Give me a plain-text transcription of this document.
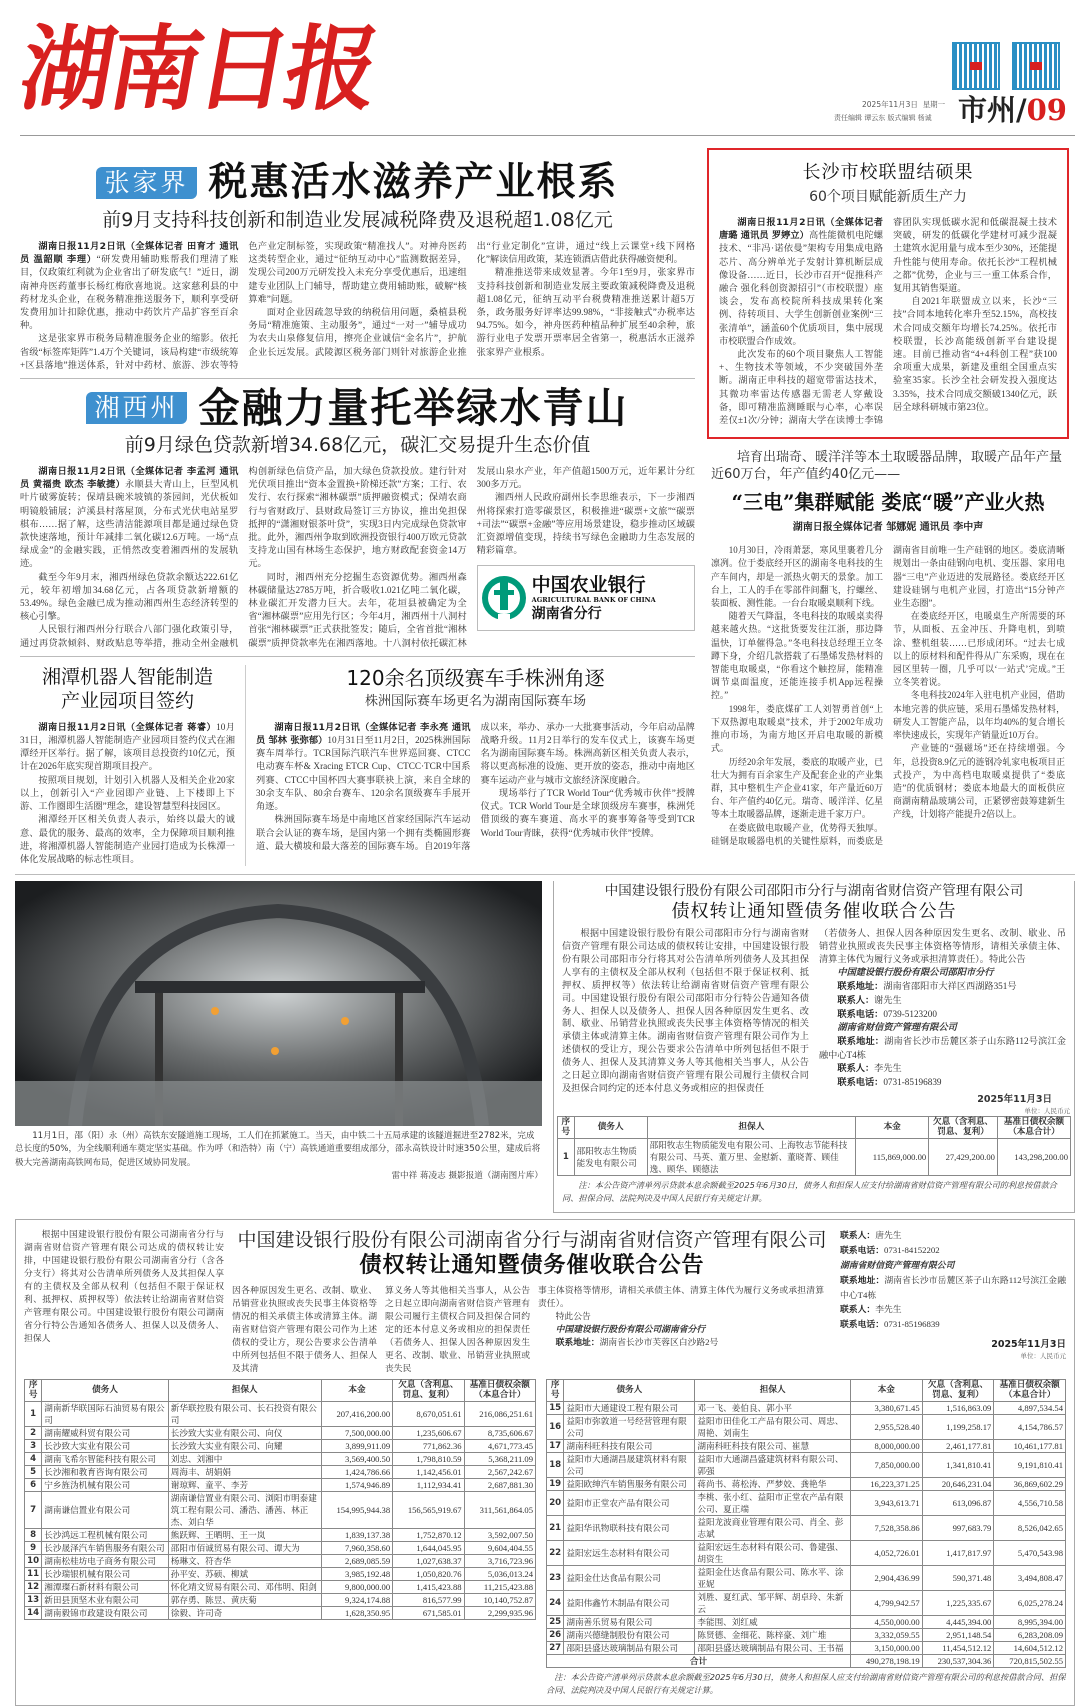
湖南日报	2025年11月3日 星期一
责任编辑 谭云东 版式编辑 杨诚 市州/09
张家界 税惠活水滋养产业根系
前9月支持科技创新和制造业发展减税降费及退税超1.08亿元

湖南日报11月2日讯（全媒体记者 田育才 通讯员 温韶顺 李理）“研发费用辅助账帮我们理清了账目，仅政策红利就为企业省出了研发底气！”近日，湖南神舟医药董事长杨红梅欣喜地说。这家慈利县的中药材龙头企业，在税务精准推送服务下，顺利享受研发费用加计扣除优惠，推动中药饮片产品扩容至百余种。

这是张家界市税务局精准服务企业的缩影。依托省级“标签库矩阵”1.4万个关键词，该局构建“市级统筹+区县落地”推送体系，针对中药材、旅游、涉农等特色产业定制标签，实现政策“精准找人”。对神舟医药这类转型企业，通过“征纳互动中心”监测数据差异，发现公司200万元研发投入未充分享受优惠后，迅速组建专业团队上门辅导，帮助建立费用辅助账，破解“核算难”问题。

面对企业因疏忽导致的纳税信用问题，桑植县税务局“精准施策、主动服务”，通过“一对一”辅导成功为农夫山泉修复信用，擦亮企业诚信“金名片”，护航企业长远发展。武陵源区税务部门则针对旅游企业推出“行业定制化”宣讲，通过“线上云课堂+线下网格化”解读信用政策，某连锁酒店借此获得融资便利。

精准推送带来成效显著。今年1至9月，张家界市支持科技创新和制造业发展主要政策减税降费及退税超1.08亿元，征纳互动平台税费精准推送累计超5万条，政务服务好评率达99.98%，“非接触式”办税率达94.75%。如今，神舟医药种植品种扩展至40余种，旅游行业电子发票开票率居全省第一，税惠活水正滋养张家界产业根系。

湘西州 金融力量托举绿水青山
前9月绿色贷款新增34.68亿元，碳汇交易提升生态价值

湖南日报11月2日讯（全媒体记者 李孟河 通讯员 黄福贵 欧杰 李敏捷）永顺县大青山上，巨型风机叶片破雾旋转；保靖县碗米坡镇的茶园间，光伏板如明镜般铺展；泸溪县村落屋顶，分布式光伏电站星罗棋布……据了解，这些清洁能源项目都是通过绿色贷款快速落地，预计年减排二氧化碳12.6万吨。一场“点绿成金”的金融实践，正悄然改变着湘西州的发展轨迹。

截至今年9月末，湘西州绿色贷款余额达222.61亿元，较年初增加34.68亿元，占各项贷款新增额的53.49%。绿色金融已成为推动湘西州生态经济转型的核心引擎。

人民银行湘西州分行联合八部门强化政策引导，通过再贷款倾斜、财政贴息等举措，推动全州金融机构创新绿色信贷产品，加大绿色贷款投放。建行针对光伏项目推出“资本金置换+阶梯还款”方案；工行、农发行、农行探索“湘林碳票”质押融资模式；保靖农商行与省财政厅、县财政局签订三方协议，推出免担保抵押的“潇湘财银茶叶贷”，实现3日内完成绿色贷款审批。此外，湘西州争取到欧洲投资银行400万欧元贷款支持龙山国有林场生态保护，地方财政配套资金14万元。

同时，湘西州充分挖掘生态资源优势。湘西州森林碳储量达2785万吨，折合吸收1.021亿吨二氧化碳，林业碳汇开发潜力巨大。去年，花垣县被确定为全省“湘林碳票”应用先行区；今年4月，湘西州十八洞村首张“湘林碳票”正式获批签发；随后，全省首批“湘林碳票”质押贷款率先在湘西落地。十八洞村依托碳汇林发展山泉水产业，年产值超1500万元，近年累计分红300多万元。

湘西州人民政府副州长李思维表示，下一步湘西州将探索打造零碳景区，积极推进“碳票+文旅”“碳票+司法”“碳票+金融”等应用场景建设，稳步推动区域碳汇资源增值变现，持续书写绿色金融助力生态发展的精彩篇章。

中国农业银行
AGRICULTURAL BANK OF CHINA
湖南省分行
湘潭机器人智能制造
产业园项目签约

湖南日报11月2日讯（全媒体记者 蒋睿）10月31日，湘潭机器人智能制造产业园项目签约仪式在湘潭经开区举行。据了解，该项目总投资约10亿元，预计在2026年底实现首期项目投产。

按照项目规划，计划引入机器人及相关企业20家以上，创新引入“产业园即产业链、上下楼即上下游、工作圈即生活圈”理念，建设智慧型科技园区。

湘潭经开区相关负责人表示，始终以最大的诚意、最优的服务、最高的效率，全力保障项目顺利推进，将湘潭机器人智能制造产业园打造成为长株潭一体化发展战略的标志性项目。

120余名顶级赛车手株洲角逐
株洲国际赛车场更名为湖南国际赛车场

湖南日报11月2日讯（全媒体记者 李永亮 通讯员 邹林 张弥郁）10月31日至11月2日，2025株洲国际赛车周举行。TCR国际汽联汽车世界巡回赛、CTCC电动赛车杯& Xracing ETCR Cup、CTCC·TCR中国系列赛、CTCC中国杯四大赛事联袂上演，来自全球的30余支车队、80余台赛车、120余名顶级赛车手展开角逐。

株洲国际赛车场是中南地区首家经国际汽车运动联合会认证的赛车场，是国内第一个拥有类椭圆形赛道、最大横坡和最大落差的国际赛车场。自2019年落成以来，举办、承办一大批赛事活动，今年启动品牌战略升级。11月2日举行的发车仪式上，该赛车场更名为湖南国际赛车场。株洲高新区相关负责人表示，将以更高标准的设施、更开放的姿态，推动中南地区赛车运动产业与城市文旅经济深度融合。

现场举行了TCR World Tour“优秀城市伙伴”授牌仪式。TCR World Tour是全球顶级房车赛事，株洲凭借顶级的赛车赛道、高水平的赛事筹备等受到TCR World Tour青睐，获得“优秀城市伙伴”授牌。

长沙市校联盟结硕果
60个项目赋能新质生产力

湖南日报11月2日讯（全媒体记者 唐璐 通讯员 罗婷立）高性能微机电陀螺技术、“非冯·诺依曼”架构专用集成电路芯片、高分辨单光子发射计算机断层成像设备……近日，长沙市召开“促推科产融合 强化科创资源招引”（市校联盟）座谈会，发布高校院所科技成果转化案例、待转项目、大学生创新创业案例“三张清单”，涵盖60个优质项目，集中展现市校联盟合作成效。

此次发布的60个项目聚焦人工智能+、生物技术等领域，不少突破国外垄断。湖南正申科技的超宽带雷达技术，其微功率雷达传感器无需老人穿戴设备，即可精准监测睡眠与心率，心率误差仅±1次/分钟；湖南大学在读博士李锦睿团队实现低碳水泥和低碳混凝土技术突破，研发的低碳化学建材可减少混凝土建筑水泥用量与成本至少30%，还能提升性能与使用寿命。依托长沙“工程机械之都”优势，企业与三一重工体系合作，复用其销售渠道。

自2021年联盟成立以来，长沙“三技”合同本地转化率升至52.15%，高校技术合同成交额年均增长74.25%。依托市校联盟，长沙高能级创新平台建设提速。目前已推动省“4+4科创工程”获100余项重大成果，新建及重组全国重点实验室35家。长沙全社会研发投入强度达3.35%，技术合同成交额破1340亿元，跃居全球科研城市第23位。

培育出瑞奇、暖洋洋等本土取暖器品牌，取暖产品年产量近60万台，年产值约40亿元——
“三电”集群赋能 娄底“暖”产业火热
湖南日报全媒体记者 邹娜妮 通讯员 李中声

10月30日，冷雨萧瑟，寒风里裹着几分凛冽。位于娄底经开区的湖南冬电科技的生产车间内，却是一派热火朝天的景象。加工台上，工人的手在零部件间翻飞，拧螺丝、装面板、测性能。一台台取暖桌顺利下线。

随着天气降温，冬电科技的取暖桌卖得越来越火热。“这批货要发往江浙，那边降温快，订单催得急。”冬电科技总经理王立冬蹲下身，介绍几款搭载了石墨烯发热材料的智能电取暖桌，“你看这个触控屏，能精准调节桌面温度，还能连接手机App远程操控。”

1998年，娄底煤矿工人刘智勇首创“上下双热源电取暖桌”技术，并于2002年成功推向市场，为南方地区开启电取暖的新模式。

历经20余年发展，娄底的取暖产业，已壮大为拥有百余家生产及配套企业的产业集群，其中整机生产企业41家，年产量近60万台、年产值约40亿元。瑞奇、暖洋洋、亿星等本土取暖器品牌，逐渐走进千家万户。

在娄底做电取暖产业，优势得天独厚。硅钢是取暖器电机的关键性原料，而娄底是湖南省目前唯一生产硅钢的地区。娄底清晰规划出一条由硅钢向电机、变压器、家用电器“三电”产业迈进的发展路径。娄底经开区建设硅钢与电机产业园，打造出“15分钟产业生态圈”。

在娄底经开区，电暖桌生产所需要的环节，从面板、五金冲压、升降电机，到喷涂、整机组装……已形成闭环。“过去七成以上的原材料和配件得从广东采购，现在在园区里转一圈，几乎可以‘一站式’完成。”王立冬笑着说。

冬电科技2024年入驻电机产业园，借助本地完善的供应链，采用石墨烯发热材料，研发人工智能产品，以年均40%的复合增长率快速成长，实现年产销量近10万台。

产业链的“强磁场”还在持续增强。今年，总投资8.9亿元的涟钢冷轧家电板项目正式投产，为中高档电取暖桌提供了“娄底造”的优质钢材；娄底本地最大的面板供应商湖南精晶玻璃公司，正紧锣密鼓筹建新生产线，计划将产能提升2倍以上。

11月1日，邵（阳）永（州）高铁东安隧道施工现场，工人们在抓紧施工。当天，由中铁二十五局承建的该隧道掘进至2782米，完成总长度的50%，为全线顺利通车奠定坚实基础。作为呼（和浩特）南（宁）高铁通道重要组成部分，邵永高铁设计时速350公里，建成后将极大完善湖南高铁网布局，促进区域协同发展。
雷中祥 蒋凌志 摄影报道（湖南图片库）
中国建设银行股份有限公司邵阳市分行与湖南省财信资产管理有限公司
债权转让通知暨债务催收联合公告
根据中国建设银行股份有限公司邵阳市分行与湖南省财信资产管理有限公司达成的债权转让安排，中国建设银行股份有限公司邵阳市分行将其对公告清单所列债务人及其担保人享有的主债权及全部从权利（包括但不限于保证权利、抵押权、质押权等）依法转让给湖南省财信资产管理有限公司。中国建设银行股份有限公司邵阳市分行特公告通知各债务人、担保人以及债务人、担保人因各种原因发生更名、改制、歇业、吊销营业执照或丧失民事主体资格等情况的相关承债主体或清算主体。湖南省财信资产管理有限公司作为上述债权的受让方，现公告要求公告清单中所列包括但不限于债务人、担保人及其清算义务人等其他相关当事人，从公告之日起立即向湖南省财信资产管理有限公司履行主债权合同及担保合同约定的还本付息义务或相应的担保责任
（若债务人、担保人因各种原因发生更名、改制、歇业、吊销营业执照或丧失民事主体资格等情形，请相关承债主体、清算主体代为履行义务或承担清算责任）。特此公告
中国建设银行股份有限公司邵阳市分行
联系地址：湖南省邵阳市大祥区西湖路351号
联系人：谢先生
联系电话：0739-5123200
湖南省财信资产管理有限公司
联系地址：湖南省长沙市岳麓区茶子山东路112号滨江金融中心T4栋
联系人：李先生
联系电话：0731-85196839
2025年11月3日
单位：人民币元
序号	债务人	担保人	本金	欠息（含利息、罚息、复利）	基准日债权余额（本息合计）
1	邵阳牧志生物质能发电有限公司	邵阳牧志生物质能发电有限公司、上海牧志节能科技有限公司、马英、董万里、金慰新、董晓菁、顾佳逸、顾华、顾德法	115,869,000.00	27,429,200.00	143,298,200.00
注：本公告资产清单列示贷款本息余额截至2025年6月30日，债务人和担保人应支付给湖南省财信资产管理有限公司的利息按借款合同、担保合同、法院判决及中国人民银行有关规定计算。
根据中国建设银行股份有限公司湖南省分行与湖南省财信资产管理有限公司达成的债权转让安排，中国建设银行股份有限公司湖南省分行（含各分支行）将其对公告清单所列债务人及其担保人享有的主债权及全部从权利（包括但不限于保证权利、抵押权、质押权等）依法转让给湖南省财信资产管理有限公司。中国建设银行股份有限公司湖南省分行特公告通知各债务人、担保人以及债务人、担保人
中国建设银行股份有限公司湖南省分行与湖南省财信资产管理有限公司
债权转让通知暨债务催收联合公告
因各种原因发生更名、改制、歇业、吊销营业执照或丧失民事主体资格等情况的相关承债主体或清算主体。湖南省财信资产管理有限公司作为上述债权的受让方，现公告要求公告清单中所列包括但不限于债务人、担保人及其清
算义务人等其他相关当事人，从公告之日起立即向湖南省财信资产管理有限公司履行主债权合同及担保合同约定的还本付息义务或相应的担保责任（若债务人、担保人因各种原因发生更名、改制、歇业、吊销营业执照或丧失民
事主体资格等情形，请相关承债主体、清算主体代为履行义务或承担清算责任）。
特此公告
中国建设银行股份有限公司湖南省分行
联系地址：湖南省长沙市芙蓉区白沙路2号
联系人：唐先生
联系电话：0731-84152202
湖南省财信资产管理有限公司
联系地址：湖南省长沙市岳麓区茶子山东路112号滨江金融中心T4栋
联系人：李先生
联系电话：0731-85196839
2025年11月3日
单位：人民币元
序号	债务人	担保人	本金	欠息（含利息、罚息、复利）	基准日债权余额（本息合计）
1	湖南新华联国际石油贸易有限公司	新华联控股有限公司、长石投资有限公司	207,416,200.00	8,670,051.61	216,086,251.61
2	湖南耀威科贸有限公司	长沙致大实业有限公司、向仪	7,500,000.00	1,235,606.67	8,735,606.67
3	长沙致大实业有限公司	长沙致大实业有限公司、向耀	3,899,911.09	771,862.36	4,671,773.45
4	湖南飞希尔智能科技有限公司	刘忠、刘湘中	3,569,400.50	1,798,810.59	5,368,211.09
5	长沙湘和教育咨询有限公司	周海丰、胡娟娟	1,424,786.66	1,142,456.01	2,567,242.67
6	宁乡旌沩机械有限公司	谢琼辉、童平、李芳	1,574,946.89	1,112,934.41	2,687,881.30
7	湖南谦信置业有限公司	湖南谦信置业有限公司、浏阳市明泰建筑工程有限公司、潘浩、潘茜、林正杰、刘白华	154,995,944.38	156,565,919.67	311,561,864.05
8	长沙鸿远工程机械有限公司	熊跃辉、王晒明、王一岚	1,839,137.38	1,752,870.12	3,592,007.50
9	长沙晟泽汽车销售服务有限公司	邵阳市佰诚贸易有限公司、谭大为	7,960,358.60	1,644,045.95	9,604,404.55
10	湖南松桂坊电子商务有限公司	杨琳文、符杏华	2,689,085.59	1,027,638.37	3,716,723.96
11	长沙瑞银机械有限公司	孙平安、苏硕、柳斌	3,985,192.48	1,050,820.76	5,036,013.24
12	湘潭璨石新材料有限公司	怀化靖文贸易有限公司、邓伟明、阳剑	9,800,000.00	1,415,423.88	11,215,423.88
13	新田县顶坚木业有限公司	郭存勇、陈昱、黄庆菊	9,324,174.88	816,577.99	10,140,752.87
14	湖南毅锦市政建设有限公司	徐毅、许司奇	1,628,350.95	671,585.01	2,299,935.96
序号	债务人	担保人	本金	欠息（含利息、罚息、复利）	基准日债权余额（本息合计）
15	益阳市大通建设工程有限公司	邓一飞、姜伯良、郭小平	3,380,671.45	1,516,863.09	4,897,534.54
16	益阳市弥敦道一号经营管理有限公司	益阳市田佳化工产品有限公司、周忠、周艳、刘南生	2,955,528.40	1,199,258.17	4,154,786.57
17	湖南科旺科技有限公司	湖南科旺科技有限公司、崔慧	8,000,000.00	2,461,177.81	10,461,177.81
18	益阳市大通湖昌晟建筑材料有限公司	益阳市大通湖昌盛建筑材料有限公司、郭强	7,850,000.00	1,341,810.41	9,191,810.41
19	益阳欧绅汽车销售服务有限公司	蒋尚书、蒋松涛、严梦姣、龚艳华	16,223,371.25	20,646,231.04	36,869,602.29
20	益阳市正堂农产品有限公司	李桃、张小红、益阳市正堂农产品有限公司、夏正端	3,943,613.71	613,096.87	4,556,710.58
21	益阳华讯物联科技有限公司	益阳龙波商业管理有限公司、肖全、彭志斌	7,528,358.86	997,683.79	8,526,042.65
22	益阳宏远生态材料有限公司	益阳宏远生态材料有限公司、鲁建强、胡资生	4,052,726.01	1,417,817.97	5,470,543.98
23	益阳金仕达食品有限公司	益阳金仕达食品有限公司、陈水平、涂亚妮	2,904,436.99	590,371.48	3,494,808.47
24	益阳伟鑫竹木制品有限公司	刘胜、夏红武、邹平辉、胡卓玲、朱新云	4,799,942.57	1,225,335.67	6,025,278.24
25	湖南善乐贸易有限公司	李能围、刘红威	4,550,000.00	4,445,394.00	8,995,394.00
26	湖南兴德缝制股份有限公司	陈贤德、金细花、陈梓豪、刘广堆	3,332,059.55	2,951,148.54	6,283,208.09
27	邵阳县盛达玻璃制品有限公司	邵阳县盛达玻璃制品有限公司、王书福	3,150,000.00	11,454,512.12	14,604,512.12
合计			490,278,198.19	230,537,304.36	720,815,502.55
注：本公告资产清单列示贷款本息余额截至2025年6月30日，债务人和担保人应支付给湖南省财信资产管理有限公司的利息按借款合同、担保合同、法院判决及中国人民银行有关规定计算。
